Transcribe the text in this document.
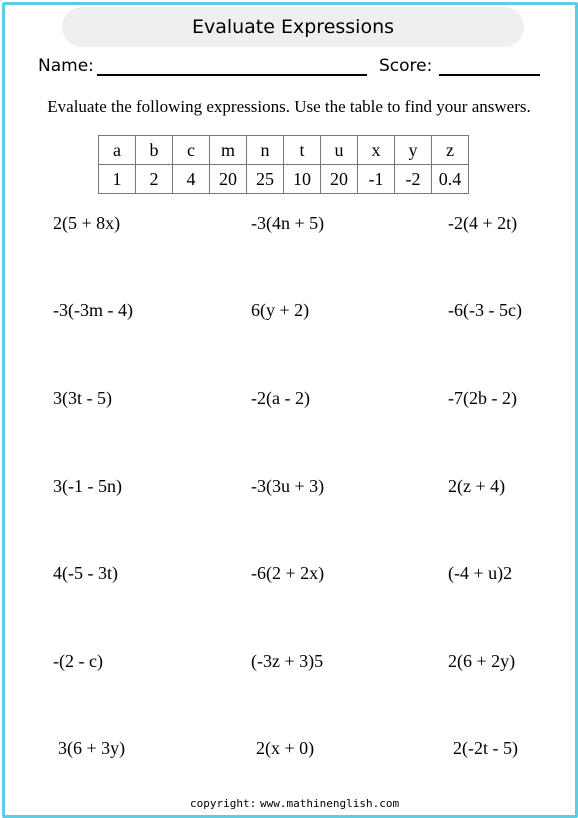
Evaluate Expressions
Name:	Score:
Evaluate the following expressions. Use the table to find your answers.
a	b	c	m	n	t	u	x	y	z
1	2	4	20	25	10	20	-1	-2	0.4
2(5 + 8x)	-3(4n + 5)	-2(4 + 2t)
-3(-3m - 4)	6(y + 2)	-6(-3 - 5c)
3(3t - 5)	-2(a - 2)	-7(2b - 2)
3(-1 - 5n)	-3(3u + 3)	2(z + 4)
4(-5 - 3t)	-6(2 + 2x)	(-4 + u)2
-(2 - c)	(-3z + 3)5	2(6 + 2y)
3(6 + 3y)	2(x + 0)	2(-2t - 5)
copyright: www.mathinenglish.com
